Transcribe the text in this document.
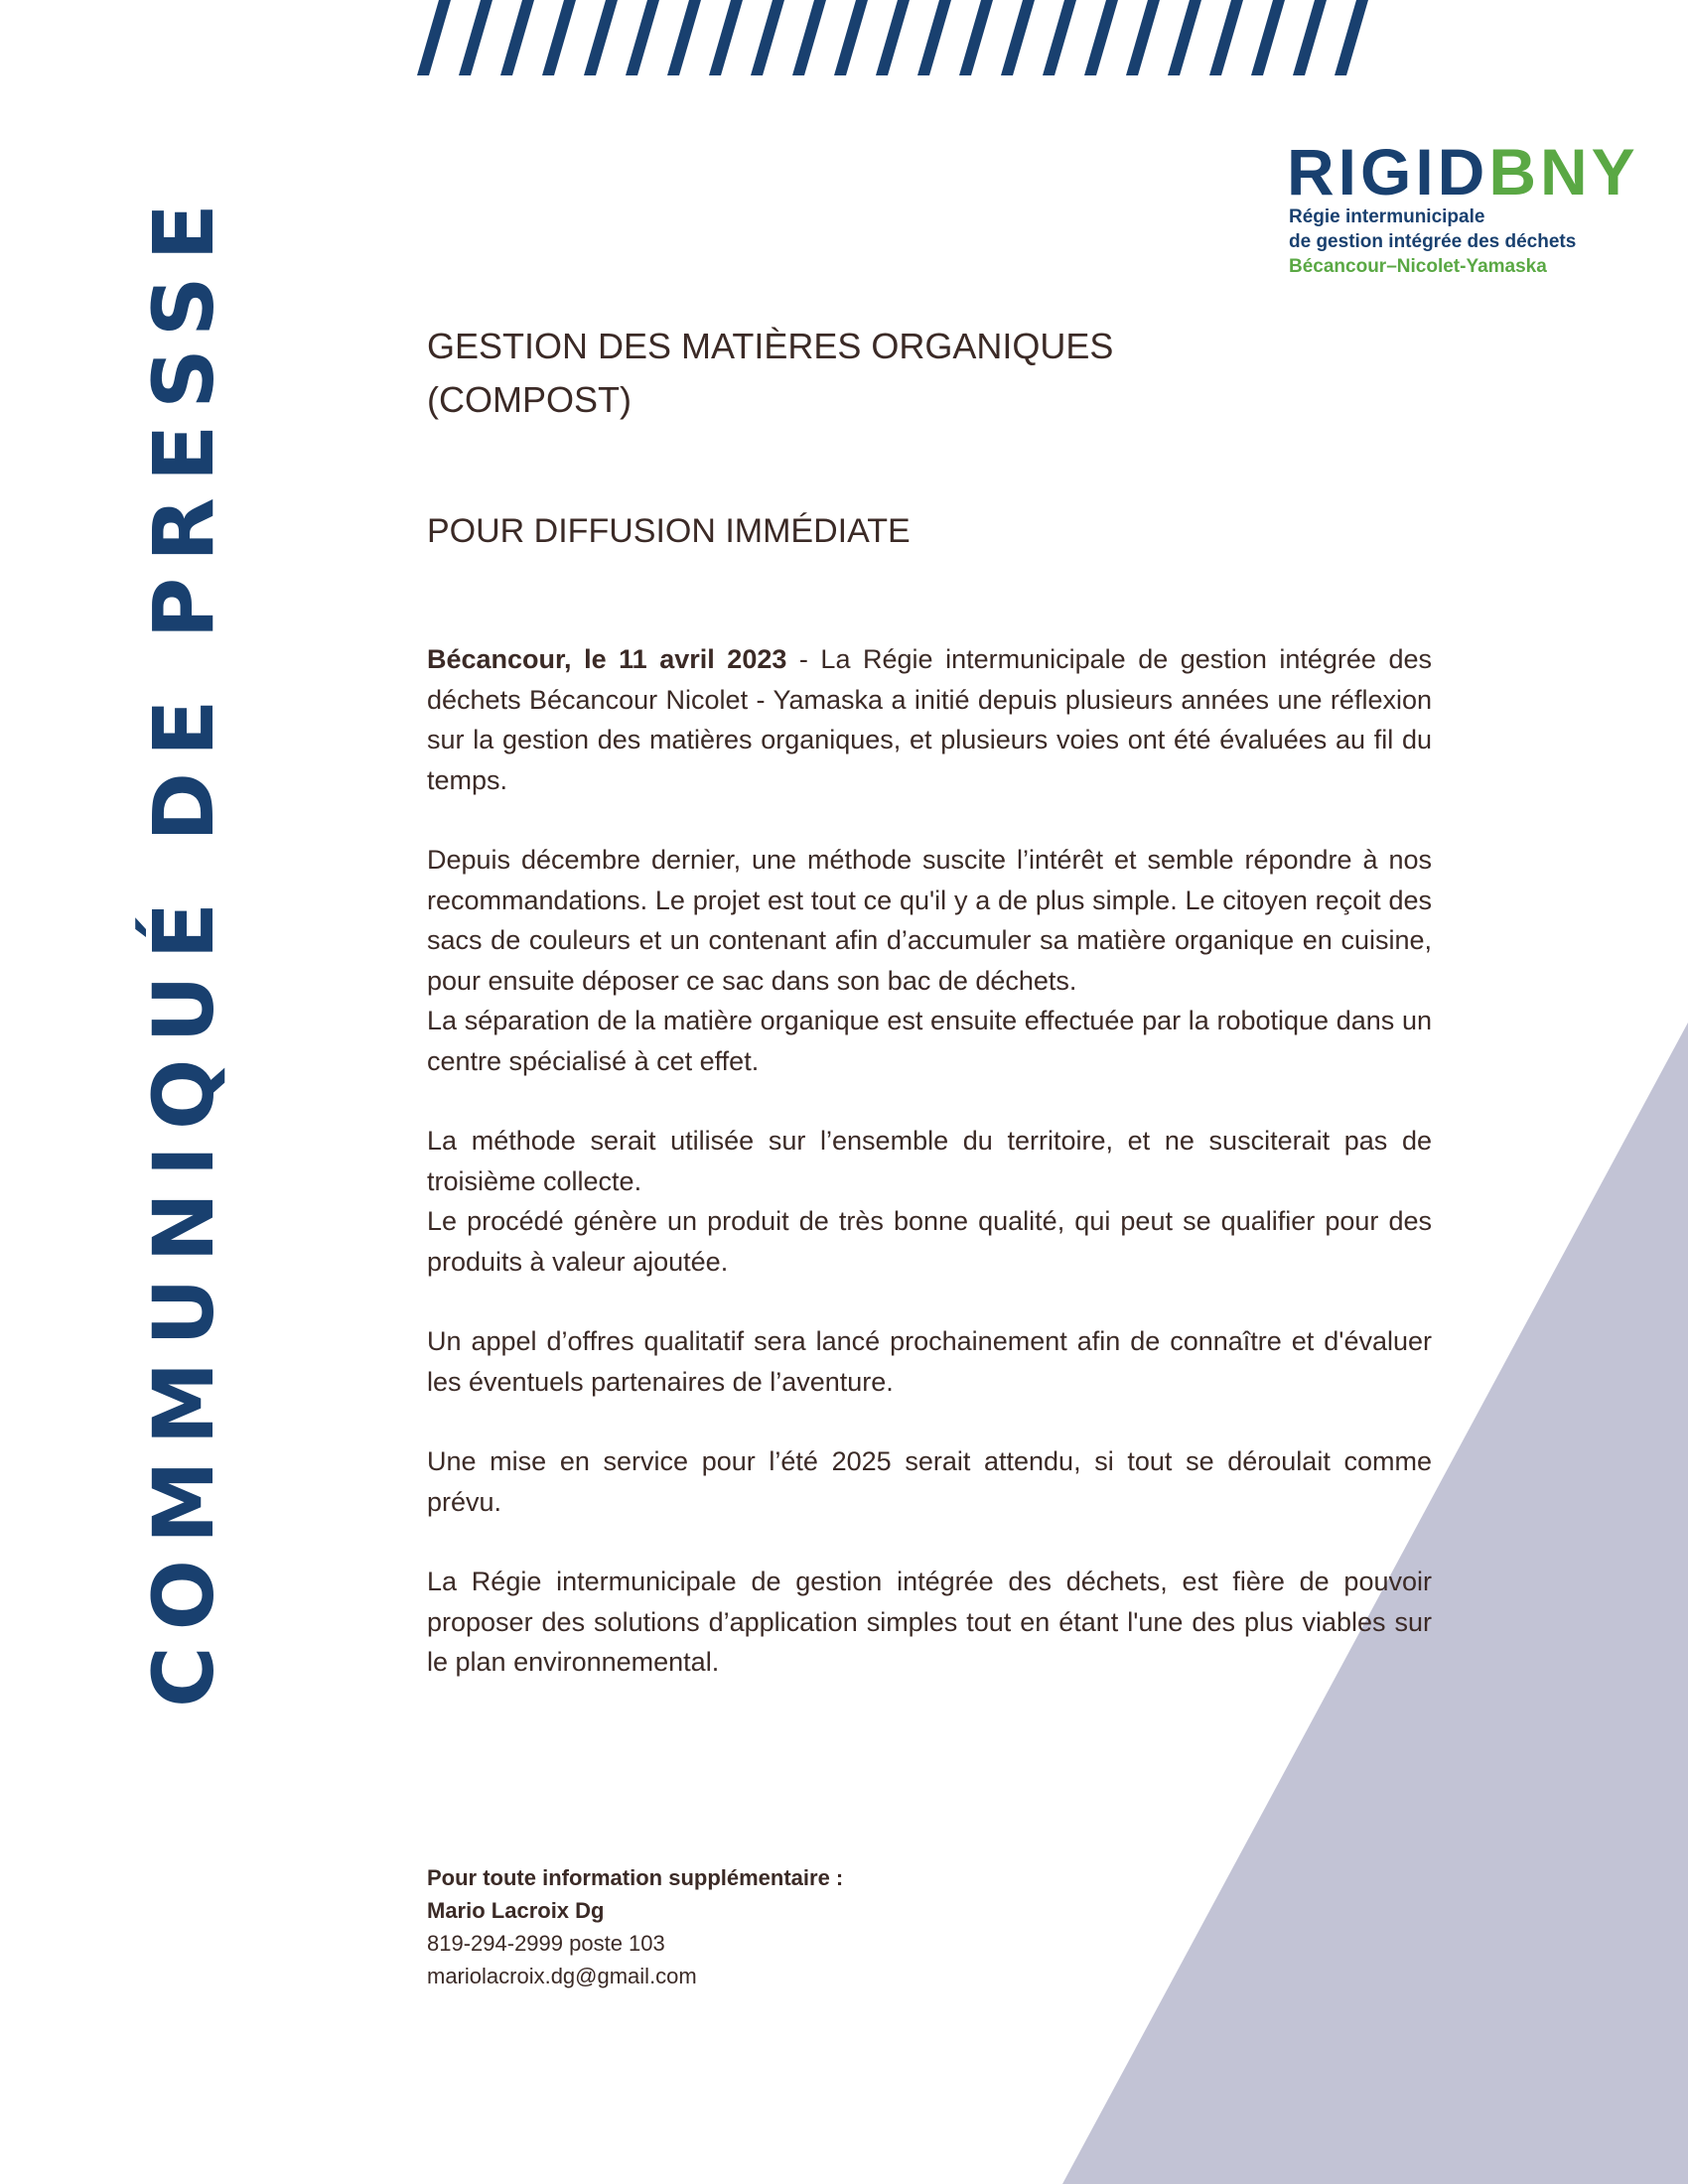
RIGID BNY
Régie intermunicipale
de gestion intégrée des déchets
Bécancour–Nicolet-Yamaska
COMMUNIQUÉ DE PRESSE	GESTION DES MATIÈRES ORGANIQUES
(COMPOST)
POUR DIFFUSION IMMÉDIATE

Bécancour, le 11 avril 2023 - La Régie intermunicipale de gestion intégrée des déchets Bécancour Nicolet - Yamaska a initié depuis plusieurs années une réflexion sur la gestion des matières organiques, et plusieurs voies ont été évaluées au fil du temps.

Depuis décembre dernier, une méthode suscite l’intérêt et semble répondre à nos recommandations. Le projet est tout ce qu'il y a de plus simple. Le citoyen reçoit des sacs de couleurs et un contenant afin d’accumuler sa matière organique en cuisine, pour ensuite déposer ce sac dans son bac de déchets.

La séparation de la matière organique est ensuite effectuée par la robotique dans un centre spécialisé à cet effet.

La méthode serait utilisée sur l’ensemble du territoire, et ne susciterait pas de troisième collecte.

Le procédé génère un produit de très bonne qualité, qui peut se qualifier pour des produits à valeur ajoutée.

Un appel d’offres qualitatif sera lancé prochainement afin de connaître et d'évaluer les éventuels partenaires de l’aventure.

Une mise en service pour l’été 2025 serait attendu, si tout se déroulait comme prévu.

La Régie intermunicipale de gestion intégrée des déchets, est fière de pouvoir proposer des solutions d’application simples tout en étant l'une des plus viables sur le plan environnemental.

Pour toute information supplémentaire :
Mario Lacroix Dg
819-294-2999 poste 103
mariolacroix.dg@gmail.com
